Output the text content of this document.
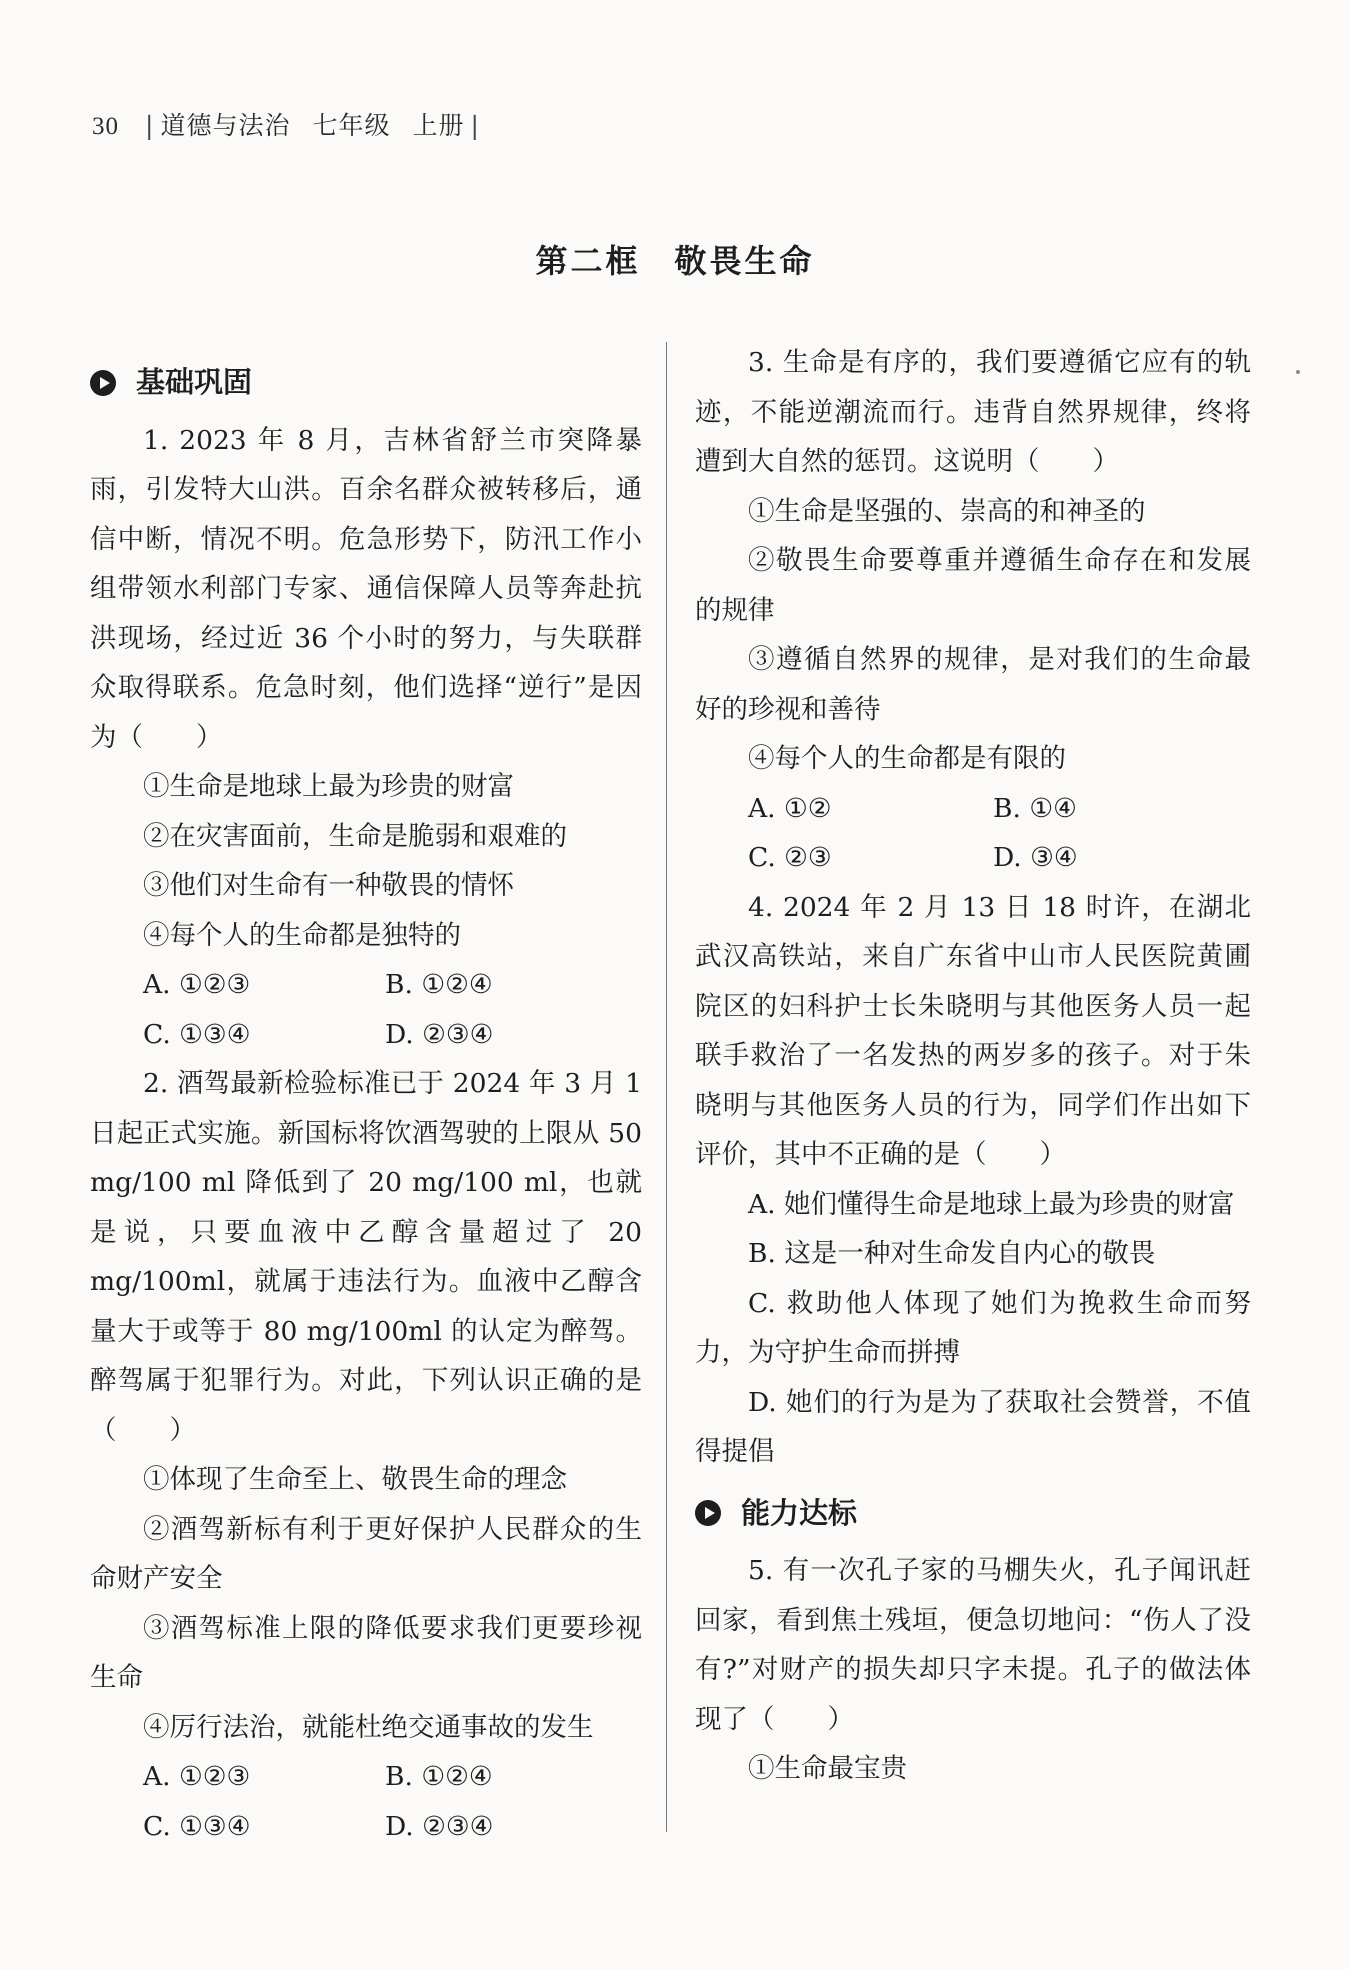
30 | 道德与法治 七年级 上册 |
第二框 敬畏生命
基础巩固

1. 2023 年 8 月，吉林省舒兰市突降暴雨，引发特大山洪。百余名群众被转移后，通信中断，情况不明。危急形势下，防汛工作小组带领水利部门专家、通信保障人员等奔赴抗洪现场，经过近 36 个小时的努力，与失联群众取得联系。危急时刻，他们选择“逆行”是因为（　　）

①生命是地球上最为珍贵的财富

②在灾害面前，生命是脆弱和艰难的

③他们对生命有一种敬畏的情怀

④每个人的生命都是独特的

A. ①②③	B. ①②④
C. ①③④	D. ②③④

2. 酒驾最新检验标准已于 2024 年 3 月 1 日起正式实施。新国标将饮酒驾驶的上限从 50 mg/100 ml 降低到了 20 mg/100 ml，也就是说，只要血液中乙醇含量超过了 20 mg/100ml，就属于违法行为。血液中乙醇含量大于或等于 80 mg/100ml 的认定为醉驾。醉驾属于犯罪行为。对此，下列认识正确的是（　　）

①体现了生命至上、敬畏生命的理念

②酒驾新标有利于更好保护人民群众的生命财产安全

③酒驾标准上限的降低要求我们更要珍视生命

④厉行法治，就能杜绝交通事故的发生

A. ①②③	B. ①②④
C. ①③④	D. ②③④

3. 生命是有序的，我们要遵循它应有的轨迹，不能逆潮流而行。违背自然界规律，终将遭到大自然的惩罚。这说明（　　）

①生命是坚强的、崇高的和神圣的

②敬畏生命要尊重并遵循生命存在和发展的规律

③遵循自然界的规律，是对我们的生命最好的珍视和善待

④每个人的生命都是有限的

A. ①②	B. ①④
C. ②③	D. ③④

4. 2024 年 2 月 13 日 18 时许，在湖北武汉高铁站，来自广东省中山市人民医院黄圃院区的妇科护士长朱晓明与其他医务人员一起联手救治了一名发热的两岁多的孩子。对于朱晓明与其他医务人员的行为，同学们作出如下评价，其中不正确的是（　　）

A. 她们懂得生命是地球上最为珍贵的财富

B. 这是一种对生命发自内心的敬畏

C. 救助他人体现了她们为挽救生命而努力，为守护生命而拼搏

D. 她们的行为是为了获取社会赞誉，不值得提倡

能力达标

5. 有一次孔子家的马棚失火，孔子闻讯赶回家，看到焦土残垣，便急切地问：“伤人了没有?”对财产的损失却只字未提。孔子的做法体现了（　　）

①生命最宝贵
